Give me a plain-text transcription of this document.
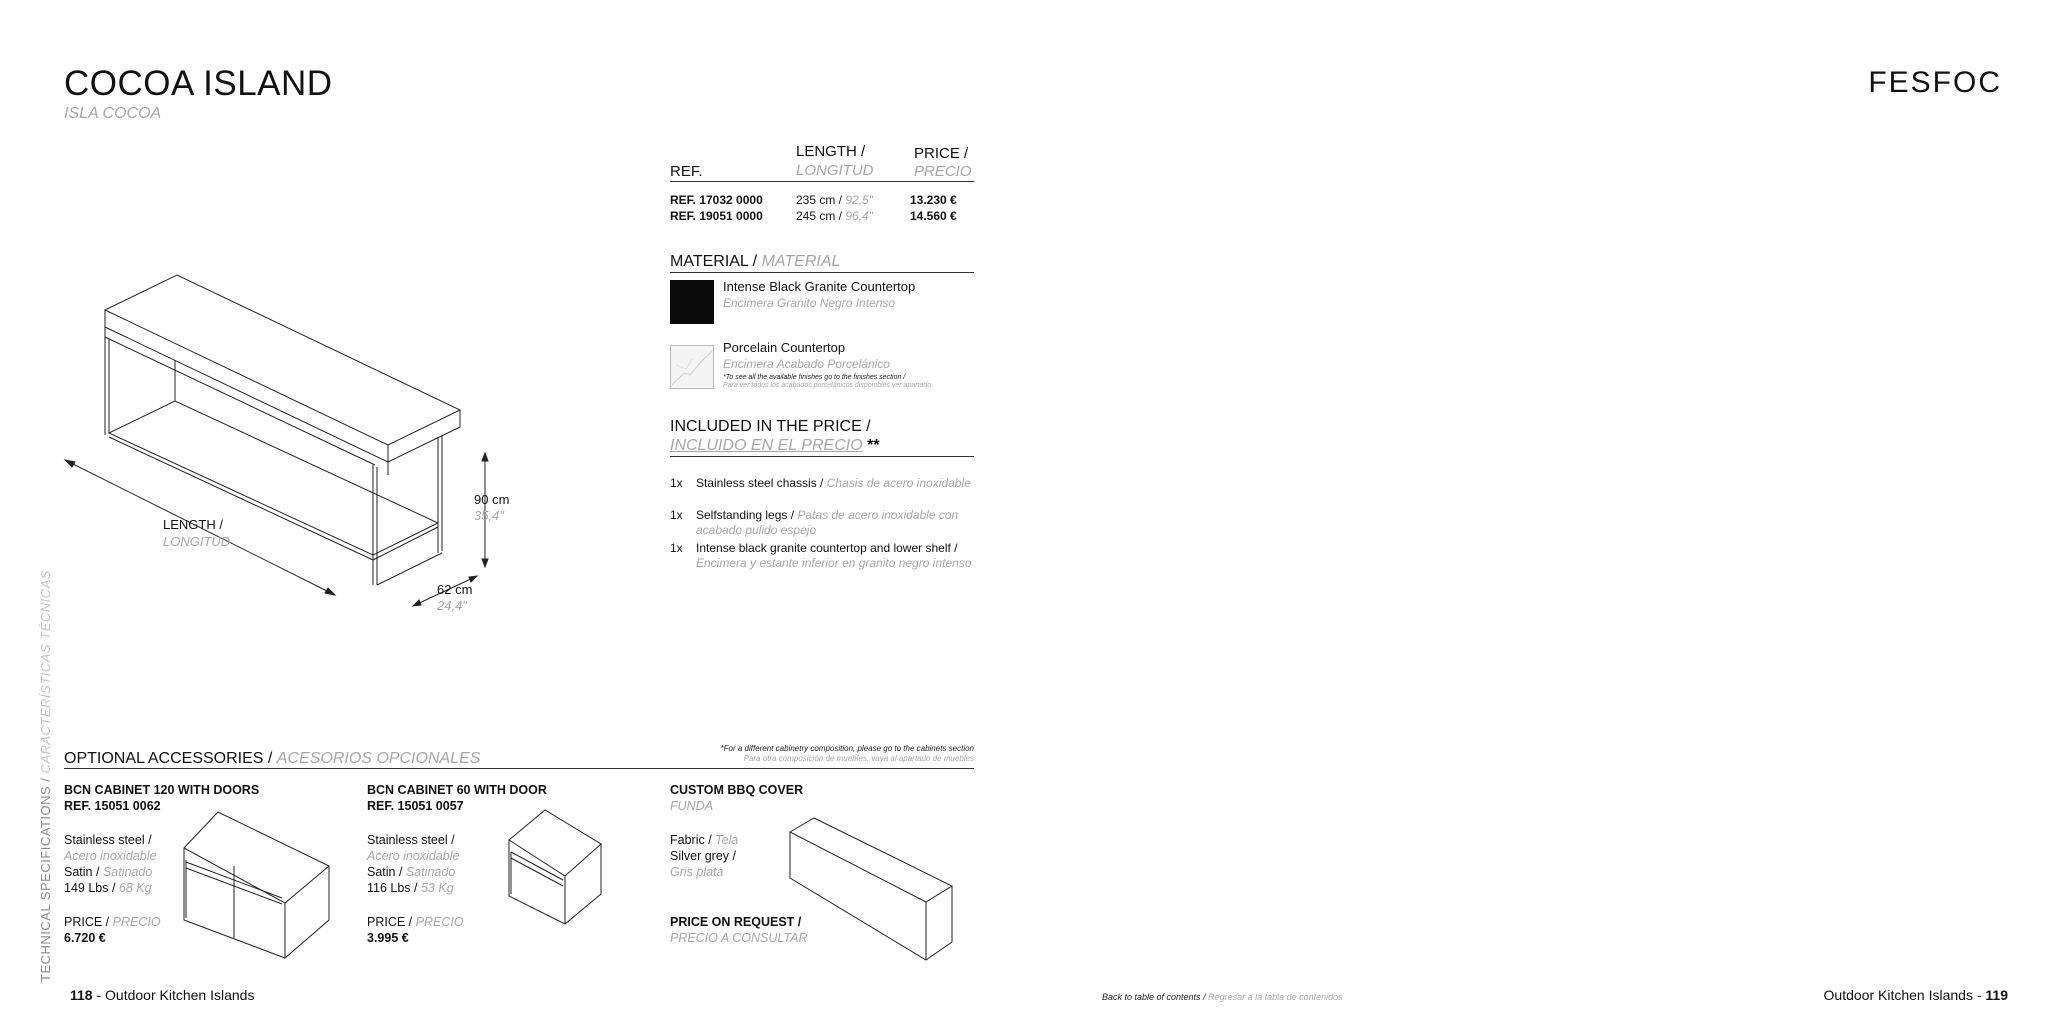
COCOA ISLAND
ISLA COCOA
FESFOC
TECHNICAL SPECIFICATIONS / CARACTERÍSTICAS TÉCNICAS
LENGTH /
LONGITUD
90 cm
35,4"
62 cm
24,4"
REF.
LENGTH /
LONGITUD
PRICE /
PRECIO
REF. 17032 0000	235 cm / 92,5"	13.230 €
REF. 19051 0000	245 cm / 96,4"	14.560 €
MATERIAL / MATERIAL
Intense Black Granite Countertop
Encimera Granito Negro Intenso
Porcelain Countertop
Encimera Acabado Porcelánico
*To see all the available finishes go to the finishes section /
Para ver todos los acabados porcelánicos disponibles ver apartado
INCLUDED IN THE PRICE /
INCLUIDO EN EL PRECIO **
1x Stainless steel chassis / Chasis de acero inoxidable
1x Selfstanding legs / Patas de acero inoxidable con acabado pulido espejo
1x Intense black granite countertop and lower shelf / Encimera y estante inferior en granito negro intenso
OPTIONAL ACCESSORIES / ACESORIOS OPCIONALES
*For a different cabinetry composition, please go to the cabinets section
Para otra composición de muebles, vaya al apartado de muebles
BCN CABINET 120 WITH DOORS
REF. 15051 0062
Stainless steel /
Acero inoxidable
Satin / Satinado
149 Lbs / 68 Kg
PRICE / PRECIO
6.720 €
BCN CABINET 60 WITH DOOR
REF. 15051 0057
Stainless steel /
Acero inoxidable
Satin / Satinado
116 Lbs / 53 Kg
PRICE / PRECIO
3.995 €
CUSTOM BBQ COVER
FUNDA
Fabric / Tela
Silver grey /
Gris plata
PRICE ON REQUEST /
PRECIO A CONSULTAR
118 - Outdoor Kitchen Islands	Back to table of contents / Regresar a la tabla de contenidos	Outdoor Kitchen Islands - 119
